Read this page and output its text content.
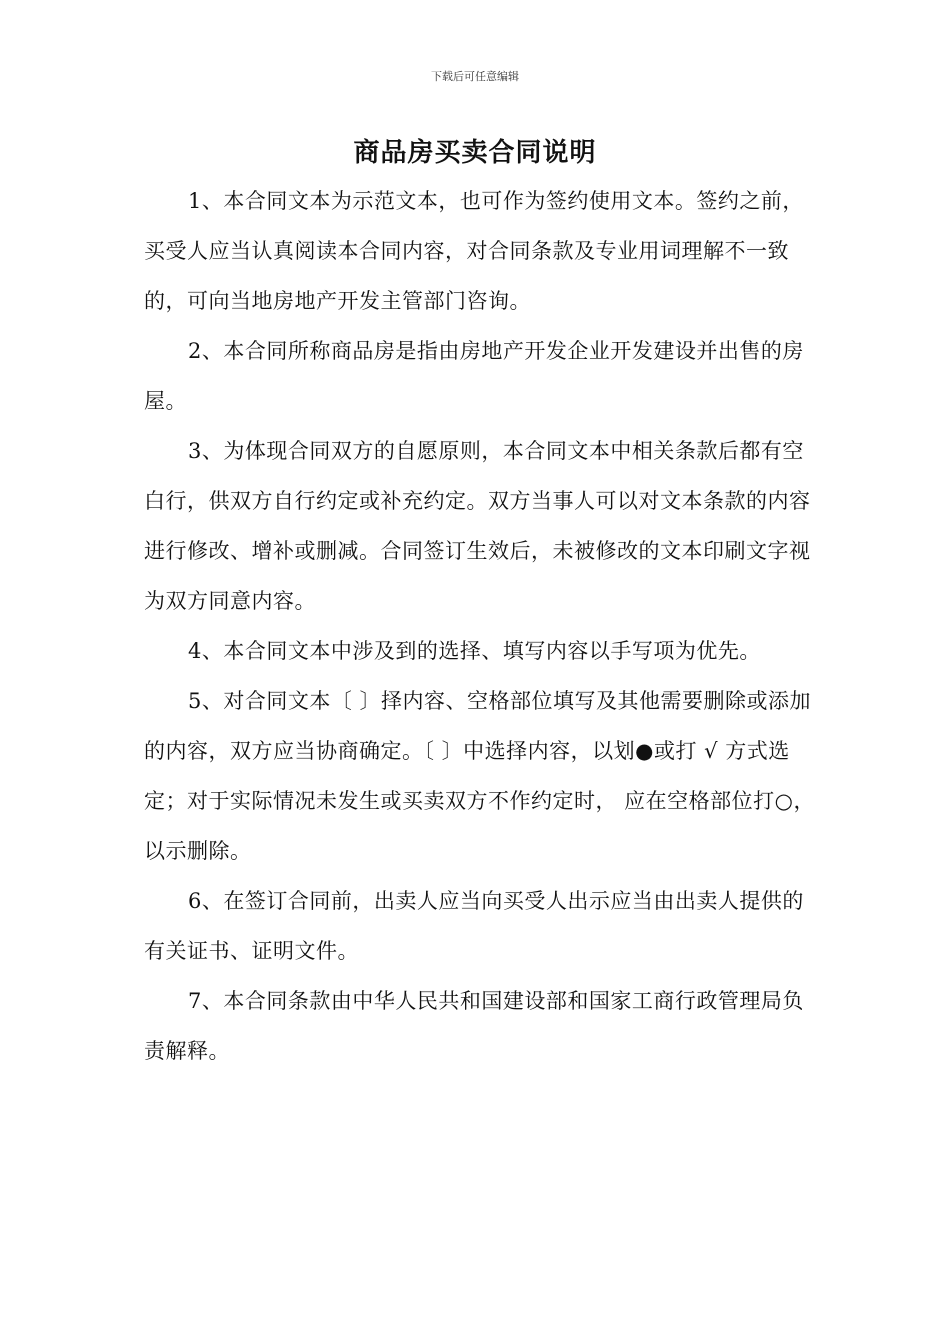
下载后可任意编辑
商品房买卖合同说明

1、本合同文本为示范文本，也可作为签约使用文本。签约之前，买受人应当认真阅读本合同内容，对合同条款及专业用词理解不一致的，可向当地房地产开发主管部门咨询。

2、本合同所称商品房是指由房地产开发企业开发建设并出售的房屋。

3、为体现合同双方的自愿原则，本合同文本中相关条款后都有空白行，供双方自行约定或补充约定。双方当事人可以对文本条款的内容进行修改、增补或删减。合同签订生效后，未被修改的文本印刷文字视为双方同意内容。

4、本合同文本中涉及到的选择、填写内容以手写项为优先。

5、对合同文本〔 〕择内容、空格部位填写及其他需要删除或添加的内容，双方应当协商确定。〔 〕中选择内容，以划●或打 √ 方式选定；对于实际情况未发生或买卖双方不作约定时， 应在空格部位打○，以示删除。

6、在签订合同前，出卖人应当向买受人出示应当由出卖人提供的有关证书、证明文件。

7、本合同条款由中华人民共和国建设部和国家工商行政管理局负责解释。
